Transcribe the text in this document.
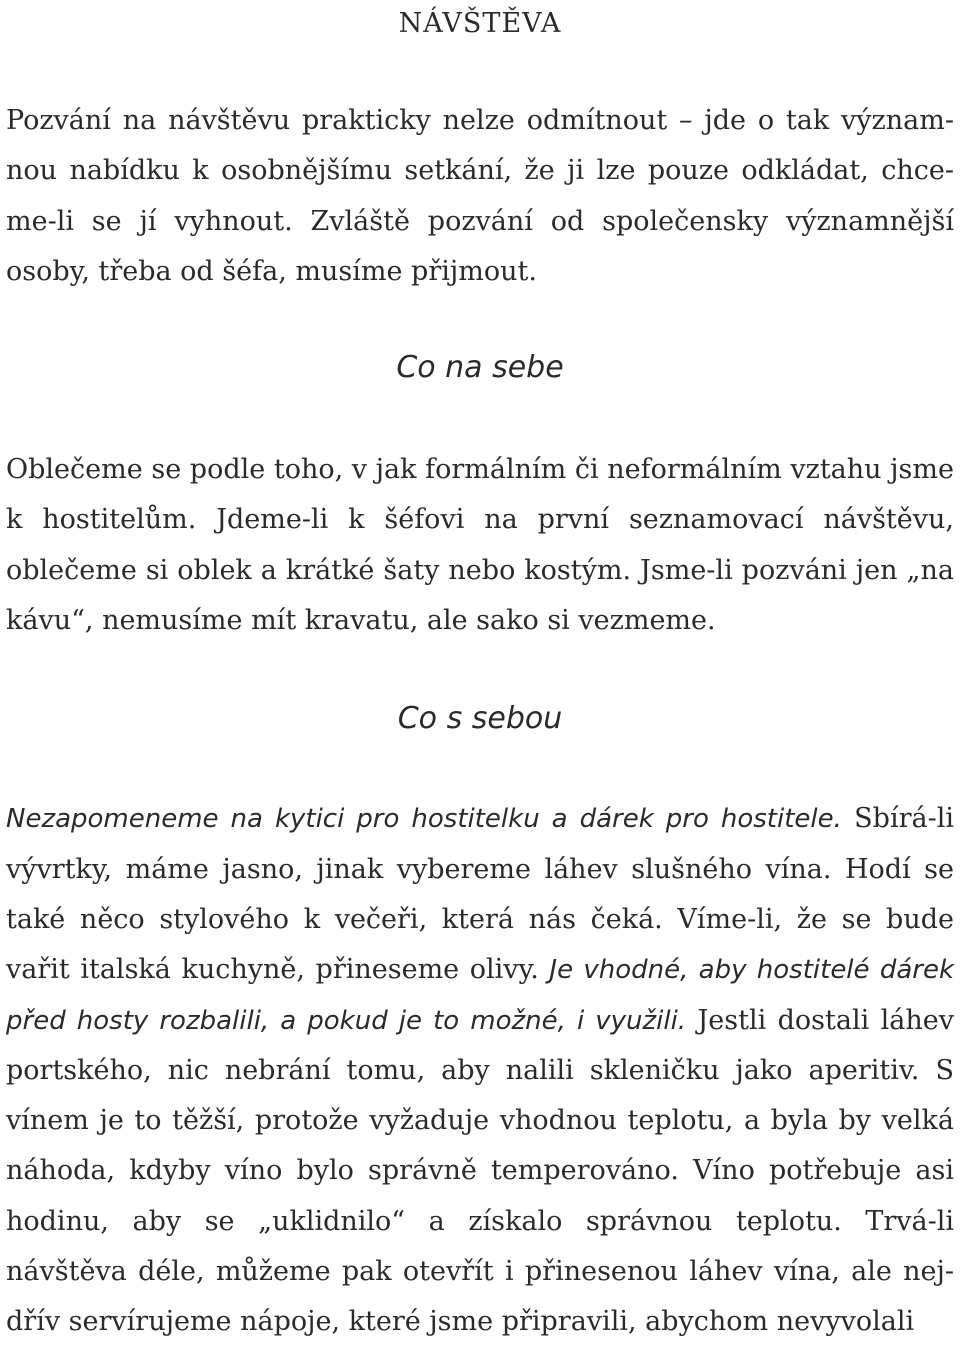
NÁVŠTĚVA

Pozvání na návštěvu prakticky nelze odmítnout – jde o tak významnou nabídku k osobnějšímu setkání, že ji lze pouze odkládat, chceme-li se jí vyhnout. Zvláště pozvání od společensky významnější osoby, třeba od šéfa, musíme přijmout.

Co na sebe

Oblečeme se podle toho, v jak formálním či neformálním vztahu jsme k hostitelům. Jdeme-li k šéfovi na první seznamovací návštěvu, oblečeme si oblek a krátké šaty nebo kostým. Jsme-li pozváni jen „na kávu“, nemusíme mít kravatu, ale sako si vezmeme.

Co s sebou

Nezapomeneme na kytici pro hostitelku a dárek pro hostitele. Sbírá-li vývrtky, máme jasno, jinak vybereme láhev slušného vína. Hodí se také něco stylového k večeři, která nás čeká. Víme-li, že se bude vařit italská kuchyně, přineseme olivy. Je vhodné, aby hostitelé dárek před hosty rozbalili, a pokud je to možné, i využili. Jestli dostali láhev portského, nic nebrání tomu, aby nalili skleničku jako aperitiv. S vínem je to těžší, protože vyžaduje vhodnou teplotu, a byla by velká náhoda, kdyby víno bylo správně temperováno. Víno potřebuje asi hodinu, aby se „uklidnilo“ a získalo správnou teplotu. Trvá-li návštěva déle, můžeme pak otevřít i přinesenou láhev vína, ale nejdřív servírujeme nápoje, které jsme připravili, abychom nevyvolali
